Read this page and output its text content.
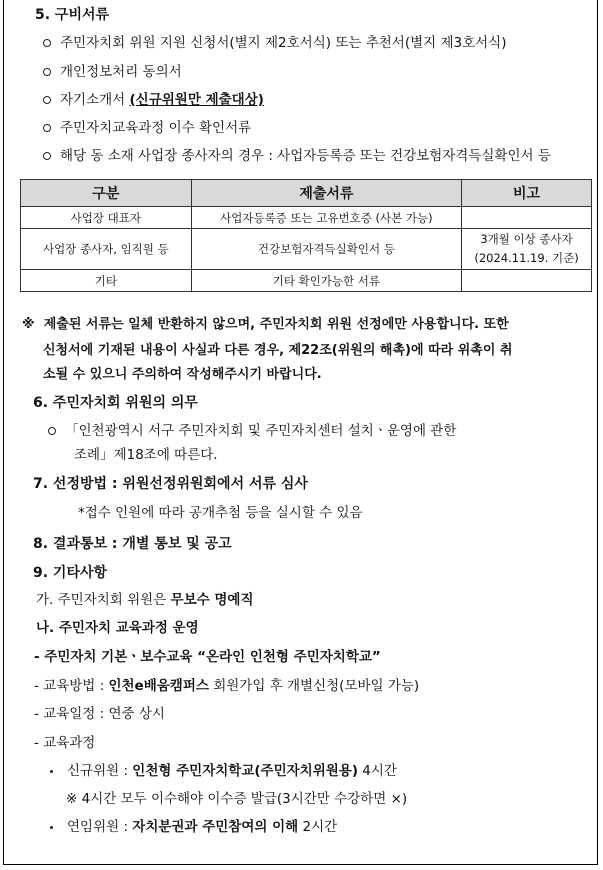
5. 구비서류
주민자치회 위원 지원 신청서(별지 제2호서식) 또는 추천서(별지 제3호서식)
개인정보처리 동의서
자기소개서 (신규위원만 제출대상)
주민자치교육과정 이수 확인서류
해당 동 소재 사업장 종사자의 경우 : 사업자등록증 또는 건강보험자격득실확인서 등
구분	제출서류	비고
사업장 대표자	사업자등록증 또는 고유번호증 (사본 가능)	
사업장 종사자, 임직원 등	건강보험자격득실확인서 등	3개월 이상 종사자
(2024.11.19. 기준)

기타	기타 확인가능한 서류	
※ 제출된 서류는 일체 반환하지 않으며, 주민자치회 위원 선정에만 사용합니다. 또한
신청서에 기재된 내용이 사실과 다른 경우, 제22조(위원의 해촉)에 따라 위촉이 취
소될 수 있으니 주의하여 작성해주시기 바랍니다.
6. 주민자치회 위원의 의무
「인천광역시 서구 주민자치회 및 주민자치센터 설치ㆍ운영에 관한
조례」제18조에 따른다.
7. 선정방법 : 위원선정위원회에서 서류 심사
*접수 인원에 따라 공개추첨 등을 실시할 수 있음
8. 결과통보 : 개별 통보 및 공고
9. 기타사항
가. 주민자치회 위원은 무보수 명예직
나. 주민자치 교육과정 운영
- 주민자치 기본ㆍ보수교육 “온라인 인천형 주민자치학교”
- 교육방법 : 인천e배움캠퍼스 회원가입 후 개별신청(모바일 가능)
- 교육일정 : 연중 상시
- 교육과정
신규위원 : 인천형 주민자치학교(주민자치위원용) 4시간
※ 4시간 모두 이수해야 이수증 발급(3시간만 수강하면 ×)
연임위원 : 자치분권과 주민참여의 이해 2시간
